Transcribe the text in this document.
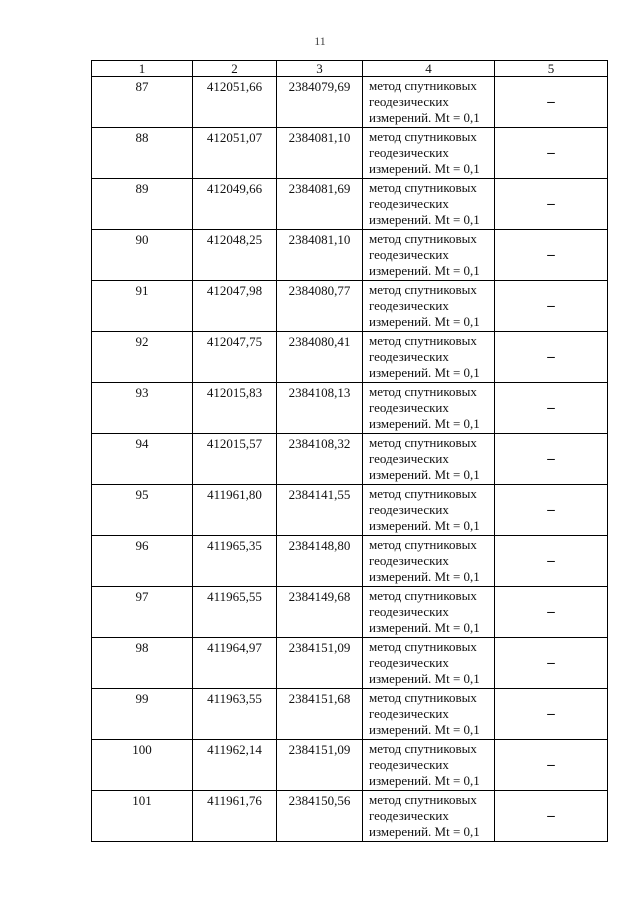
11
1	2	3	4	5
87	412051,66	2384079,69	метод спутниковых геодезических измерений. Mt = 0,1	–
88	412051,07	2384081,10	метод спутниковых геодезических измерений. Mt = 0,1	–
89	412049,66	2384081,69	метод спутниковых геодезических измерений. Mt = 0,1	–
90	412048,25	2384081,10	метод спутниковых геодезических измерений. Mt = 0,1	–
91	412047,98	2384080,77	метод спутниковых геодезических измерений. Mt = 0,1	–
92	412047,75	2384080,41	метод спутниковых геодезических измерений. Mt = 0,1	–
93	412015,83	2384108,13	метод спутниковых геодезических измерений. Mt = 0,1	–
94	412015,57	2384108,32	метод спутниковых геодезических измерений. Mt = 0,1	–
95	411961,80	2384141,55	метод спутниковых геодезических измерений. Mt = 0,1	–
96	411965,35	2384148,80	метод спутниковых геодезических измерений. Mt = 0,1	–
97	411965,55	2384149,68	метод спутниковых геодезических измерений. Mt = 0,1	–
98	411964,97	2384151,09	метод спутниковых геодезических измерений. Mt = 0,1	–
99	411963,55	2384151,68	метод спутниковых геодезических измерений. Mt = 0,1	–
100	411962,14	2384151,09	метод спутниковых геодезических измерений. Mt = 0,1	–
101	411961,76	2384150,56	метод спутниковых геодезических измерений. Mt = 0,1	–
